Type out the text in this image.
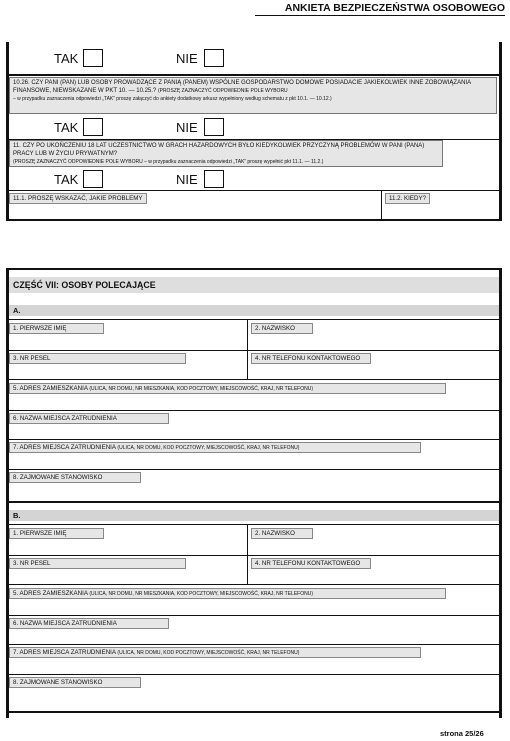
ANKIETA BEZPIECZEŃSTWA OSOBOWEGO
TAK	NIE
10.26. CZY PANI (PAN) LUB OSOBY PROWADZĄCE Z PANIĄ (PANEM) WSPÓLNE GOSPODARSTWO DOMOWE POSIADACIE JAKIEKOLWIEK INNE ZOBOWIĄZANIA FINANSOWE, NIEWSKAZANE W PKT 10. — 10.25.? (PROSZĘ ZAZNACZYĆ ODPOWIEDNIE POLE WYBORU
– w przypadku zaznaczenia odpowiedzi „TAK” proszę załączyć do ankiety dodatkowy arkusz wypełniony według schematu z pkt 10.1. — 10.12.)
TAK	NIE
11. CZY PO UKOŃCZENIU 18 LAT UCZESTNICTWO W GRACH HAZARDOWYCH BYŁO KIEDYKOLWIEK PRZYCZYNĄ PROBLEMÓW W PANI (PANA) PRACY LUB W ŻYCIU PRYWATNYM?
(PROSZĘ ZAZNACZYĆ ODPOWIEDNIE POLE WYBORU – w przypadku zaznaczenia odpowiedzi „TAK” proszę wypełnić pkt 11.1. — 11.2.)
TAK	NIE
11.1. PROSZĘ WSKAZAĆ, JAKIE PROBLEMY	11.2. KIEDY?
CZĘŚĆ VII: OSOBY POLECAJĄCE
A.
1. PIERWSZE IMIĘ	2. NAZWISKO
3. NR PESEL	4. NR TELEFONU KONTAKTOWEGO
5. ADRES ZAMIESZKANIA (ULICA, NR DOMU, NR MIESZKANIA, KOD POCZTOWY, MIEJSCOWOŚĆ, KRAJ, NR TELEFONU)
6. NAZWA MIEJSCA ZATRUDNIENIA
7. ADRES MIEJSCA ZATRUDNIENIA (ULICA, NR DOMU, KOD POCZTOWY, MIEJSCOWOŚĆ, KRAJ, NR TELEFONU)
8. ZAJMOWANE STANOWISKO
B.
1. PIERWSZE IMIĘ	2. NAZWISKO
3. NR PESEL	4. NR TELEFONU KONTAKTOWEGO
5. ADRES ZAMIESZKANIA (ULICA, NR DOMU, NR MIESZKANIA, KOD POCZTOWY, MIEJSCOWOŚĆ, KRAJ, NR TELEFONU)
6. NAZWA MIEJSCA ZATRUDNIENIA
7. ADRES MIEJSCA ZATRUDNIENIA (ULICA, NR DOMU, KOD POCZTOWY, MIEJSCOWOŚĆ, KRAJ, NR TELEFONU)
8. ZAJMOWANE STANOWISKO
strona 25/26
